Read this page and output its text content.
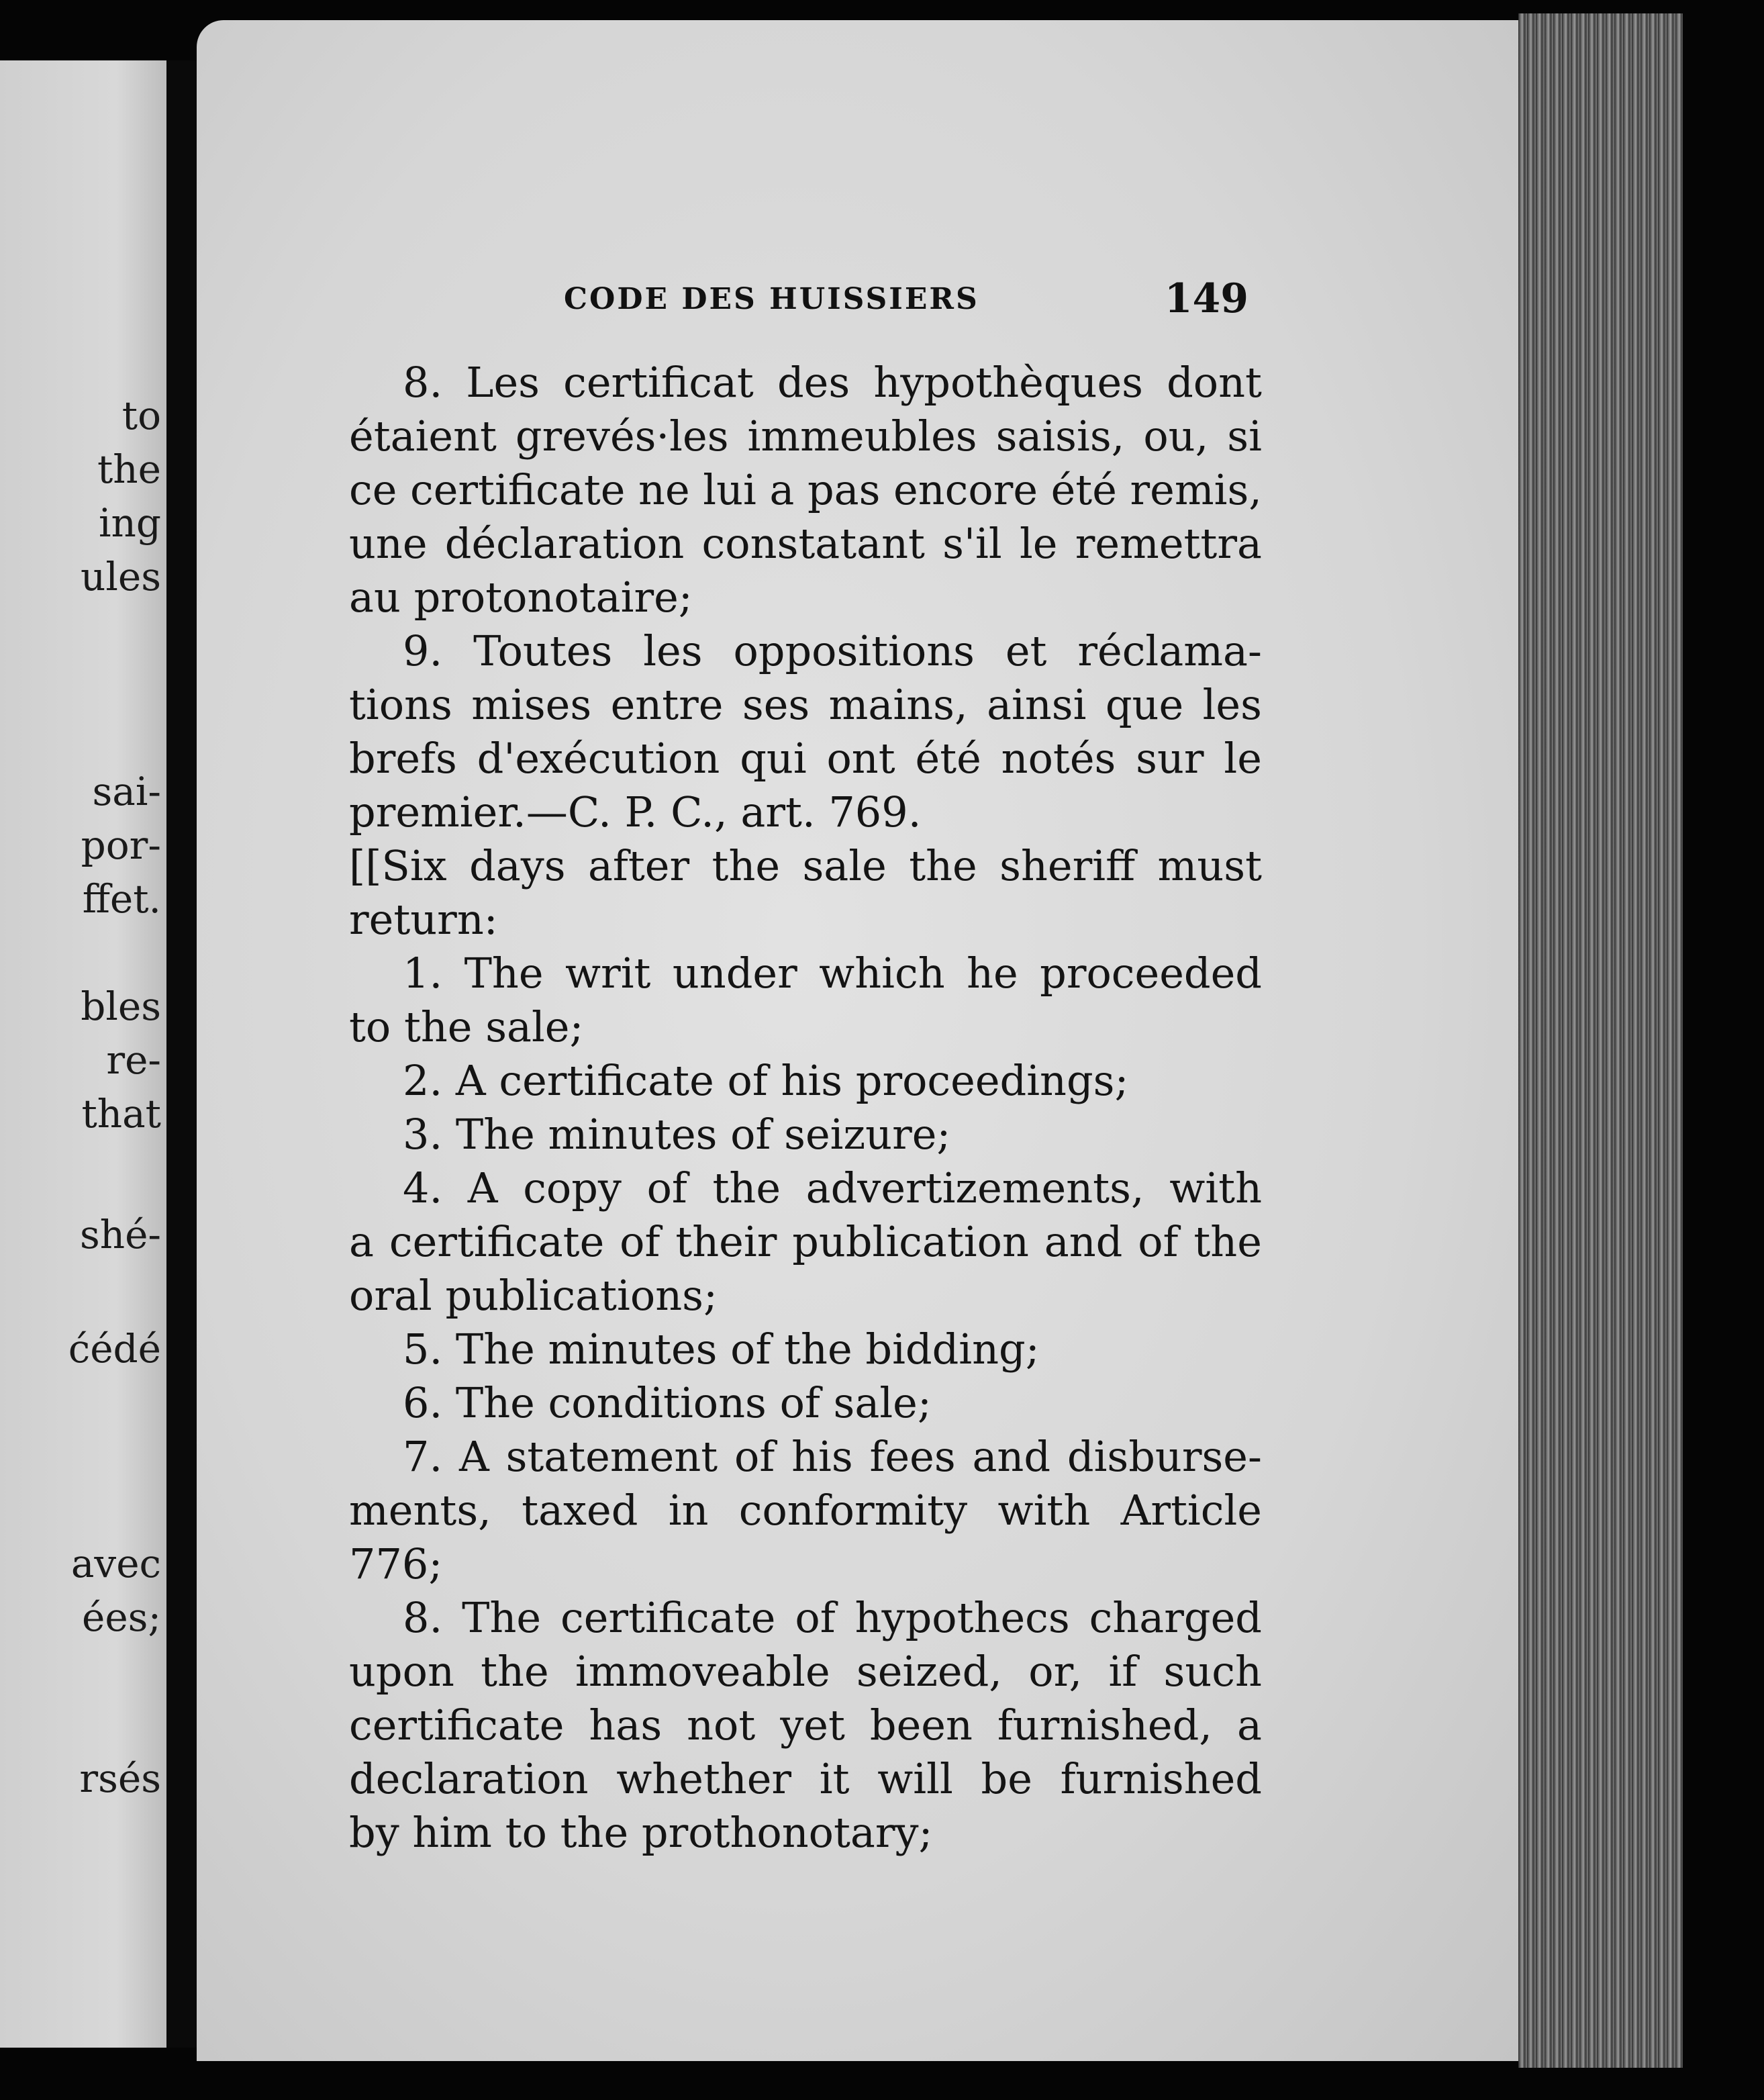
to
the
ing
ules
sai-
por-
ffet.
bles
re-
that
shé-
ćédé
avec
ées;
rsés
CODE DES HUISSIERS	149
8. Les certificat des hypothèques dont
étaient grevés·les immeubles saisis, ou, si
ce certificate ne lui a pas encore été remis,
une déclaration constatant s'il le remettra
au protonotaire;
9. Toutes les oppositions et réclama-
tions mises entre ses mains, ainsi que les
brefs d'exécution qui ont été notés sur le
premier.—C. P. C., art. 769.
[[Six days after the sale the sheriff must
return:
1. The writ under which he proceeded
to the sale;
2. A certificate of his proceedings;
3. The minutes of seizure;
4. A copy of the advertizements, with
a certificate of their publication and of the
oral publications;
5. The minutes of the bidding;
6. The conditions of sale;
7. A statement of his fees and disburse-
ments, taxed in conformity with Article
776;
8. The certificate of hypothecs charged
upon the immoveable seized, or, if such
certificate has not yet been furnished, a
declaration whether it will be furnished
by him to the prothonotary;
